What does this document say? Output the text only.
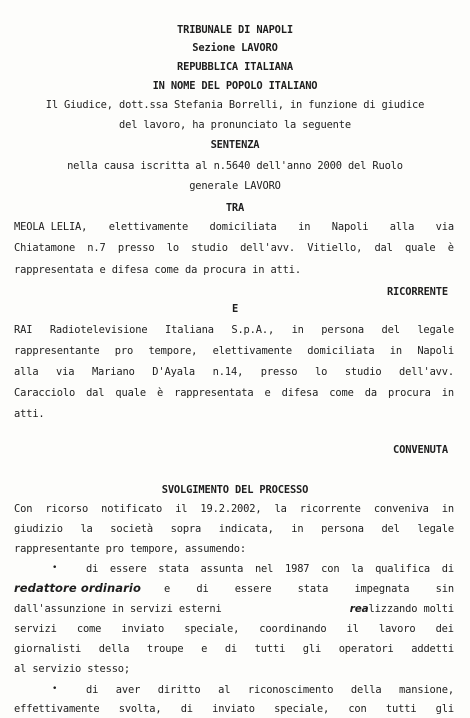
TRIBUNALE DI NAPOLI
Sezione LAVORO
REPUBBLICA ITALIANA
IN NOME DEL POPOLO ITALIANO
Il Giudice, dott.ssa Stefania Borrelli, in funzione di giudice
del lavoro, ha pronunciato la seguente
SENTENZA
nella causa iscritta al n.5640 dell'anno 2000 del Ruolo
generale LAVORO
TRA
MEOLA LELIA, elettivamente domiciliata in Napoli alla via
Chiatamone n.7 presso lo studio dell'avv. Vitiello, dal quale è
rappresentata e difesa come da procura in atti.
RICORRENTE
E
RAI Radiotelevisione Italiana S.p.A., in persona del legale
rappresentante pro tempore, elettivamente domiciliata in Napoli
alla via Mariano D'Ayala n.14, presso lo studio dell'avv.
Caracciolo dal quale è rappresentata e difesa come da procura in
atti.
CONVENUTA
SVOLGIMENTO DEL PROCESSO
Con ricorso notificato il 19.2.2002, la ricorrente conveniva in
giudizio la società sopra indicata, in persona del legale
rappresentante pro tempore, assumendo:
•	di essere stata assunta nel 1987 con la qualifica di
redattore ordinario e	di	essere	stata	impegnata	sin
dall'assunzione in servizi esterni	realizzando molti
servizi come inviato speciale, coordinando il lavoro dei
giornalisti della troupe e di tutti gli operatori addetti
al servizio stesso;
•	di aver diritto al riconoscimento della mansione,
effettivamente svolta, di inviato speciale, con tutti gli
